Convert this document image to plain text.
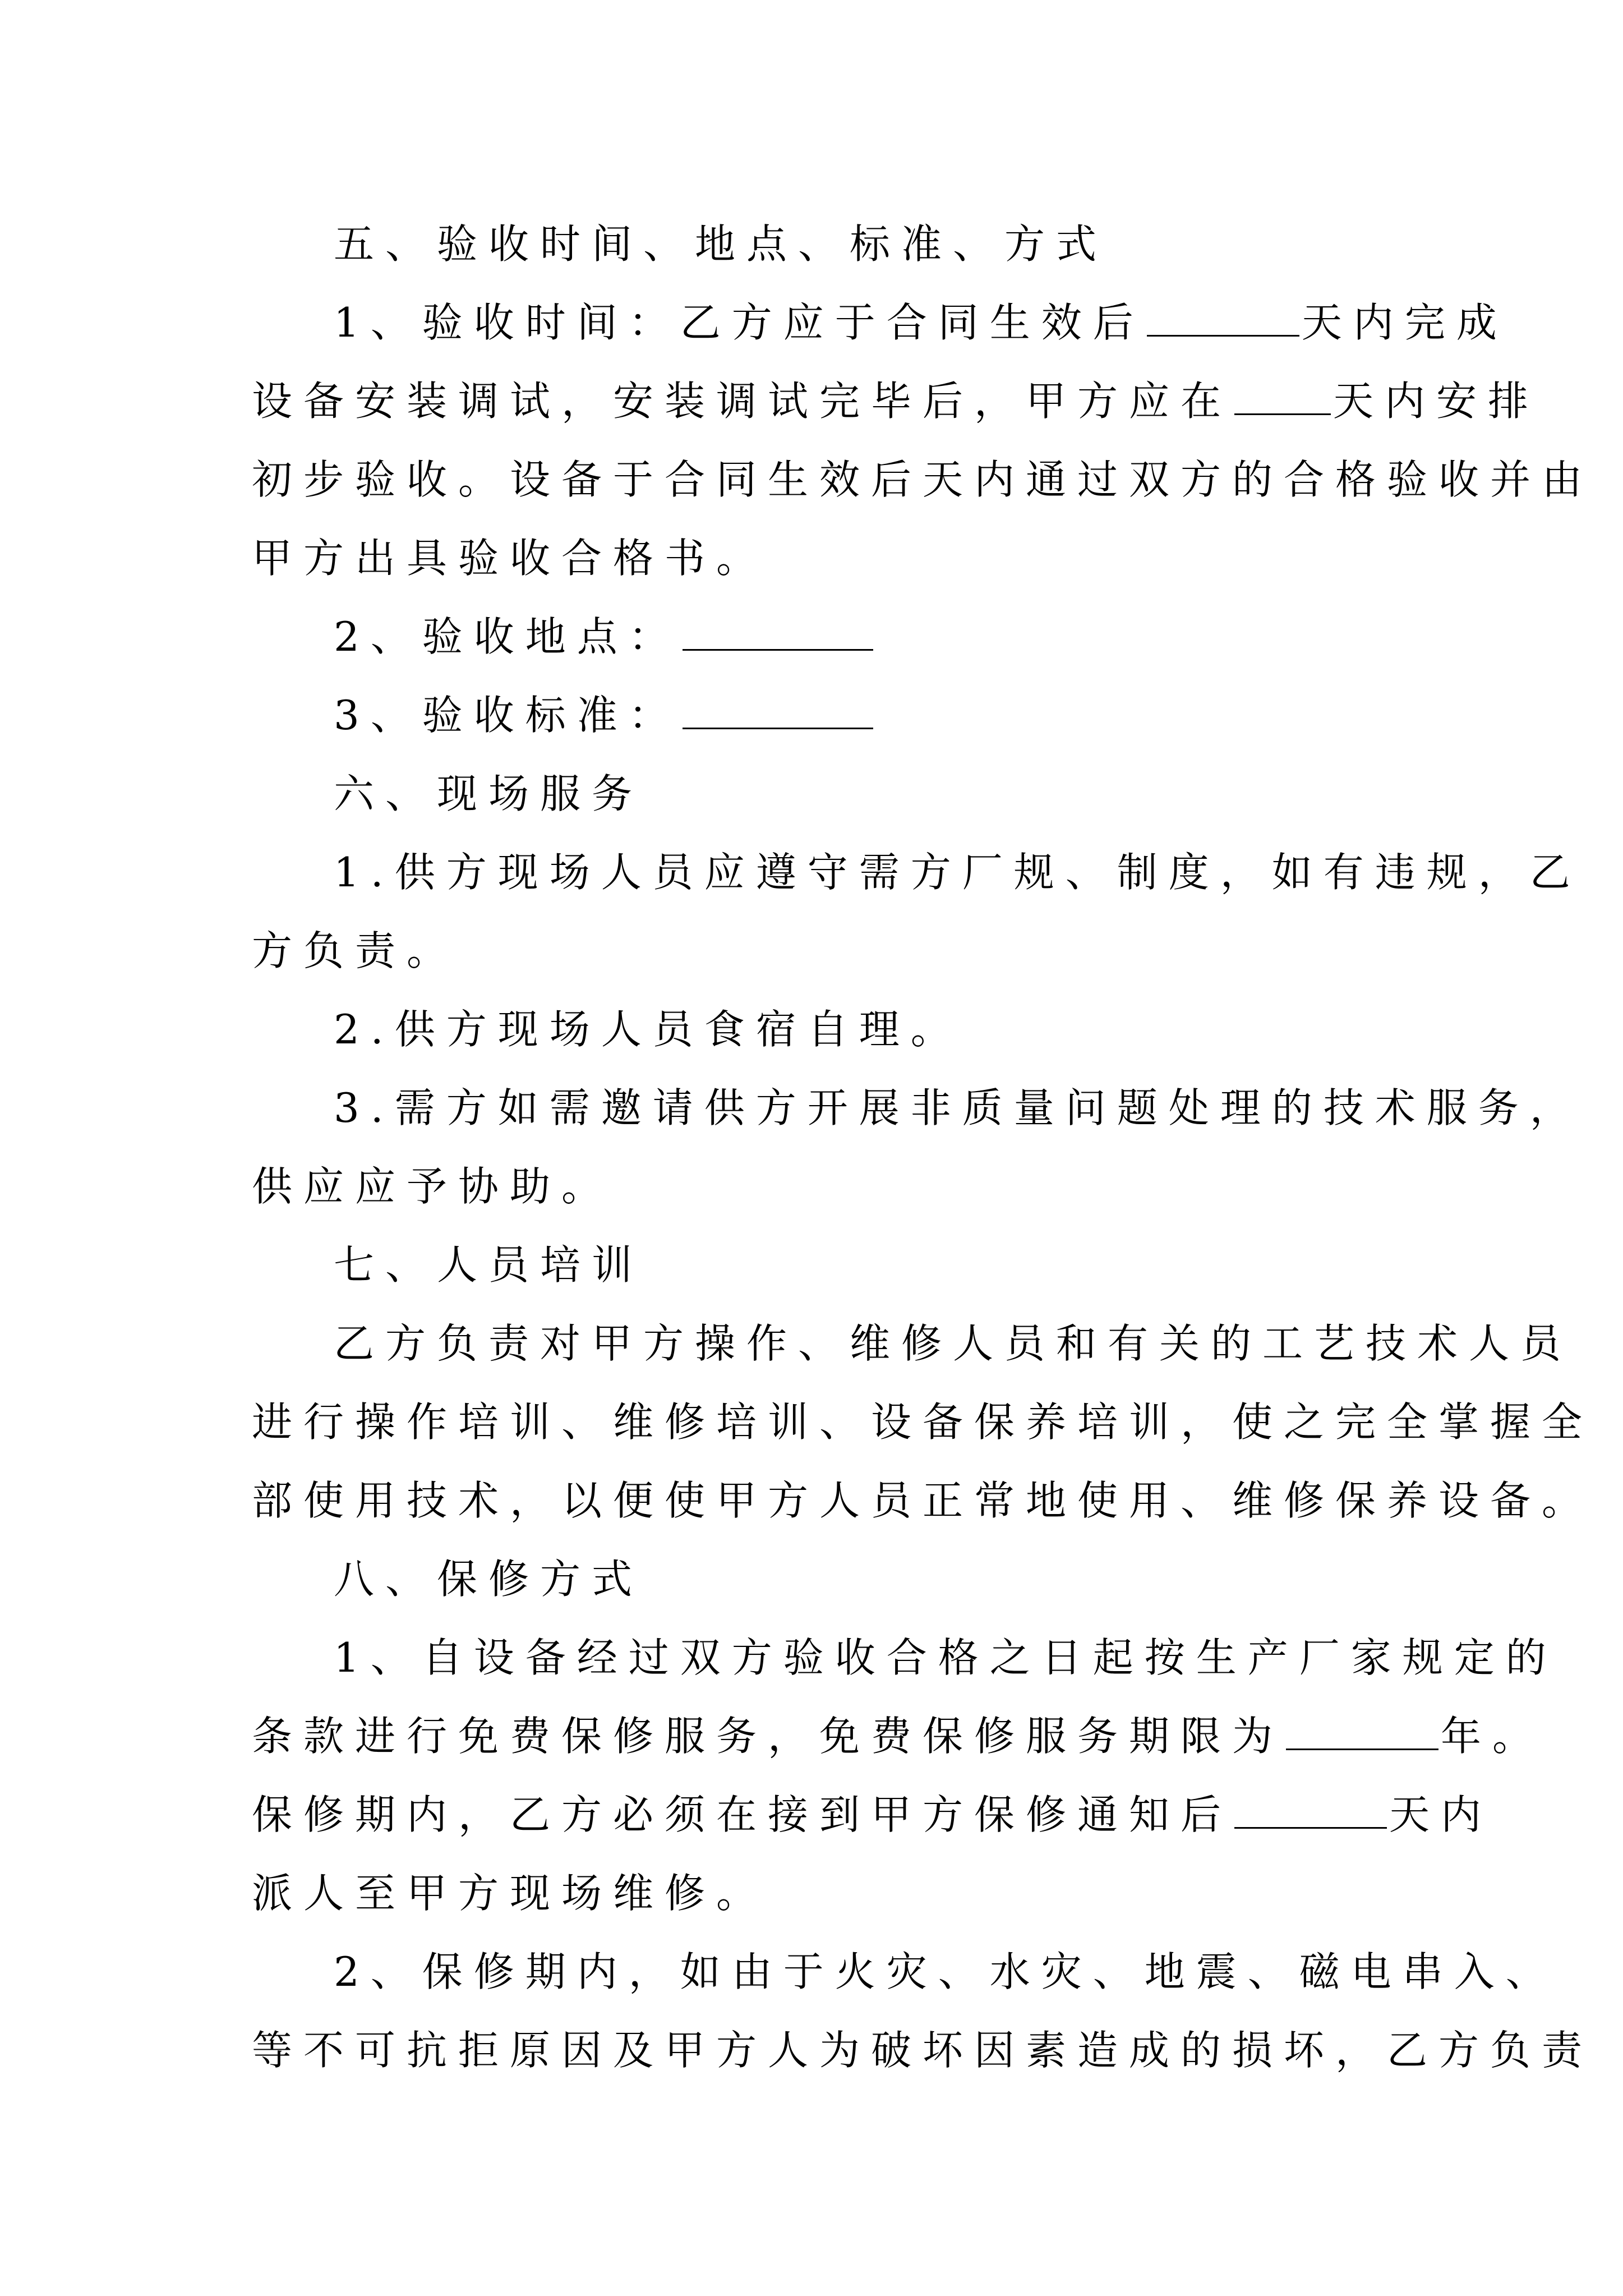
五、验收时间、地点、标准、方式
1、验收时间：乙方应于合同生效后	天内完成
设备安装调试，安装调试完毕后，甲方应在	天内安排
初步验收。设备于合同生效后天内通过双方的合格验收并由
甲方出具验收合格书。
2、验收地点：
3、验收标准：
六、现场服务
1.供方现场人员应遵守需方厂规、制度，如有违规，乙
方负责。
2.供方现场人员食宿自理。
3.需方如需邀请供方开展非质量问题处理的技术服务，
供应应予协助。
七、人员培训
乙方负责对甲方操作、维修人员和有关的工艺技术人员
进行操作培训、维修培训、设备保养培训，使之完全掌握全
部使用技术，以便使甲方人员正常地使用、维修保养设备。
八、保修方式
1、自设备经过双方验收合格之日起按生产厂家规定的
条款进行免费保修服务，免费保修服务期限为	年。
保修期内，乙方必须在接到甲方保修通知后	天内
派人至甲方现场维修。
2、保修期内，如由于火灾、水灾、地震、磁电串入、
等不可抗拒原因及甲方人为破坏因素造成的损坏，乙方负责
